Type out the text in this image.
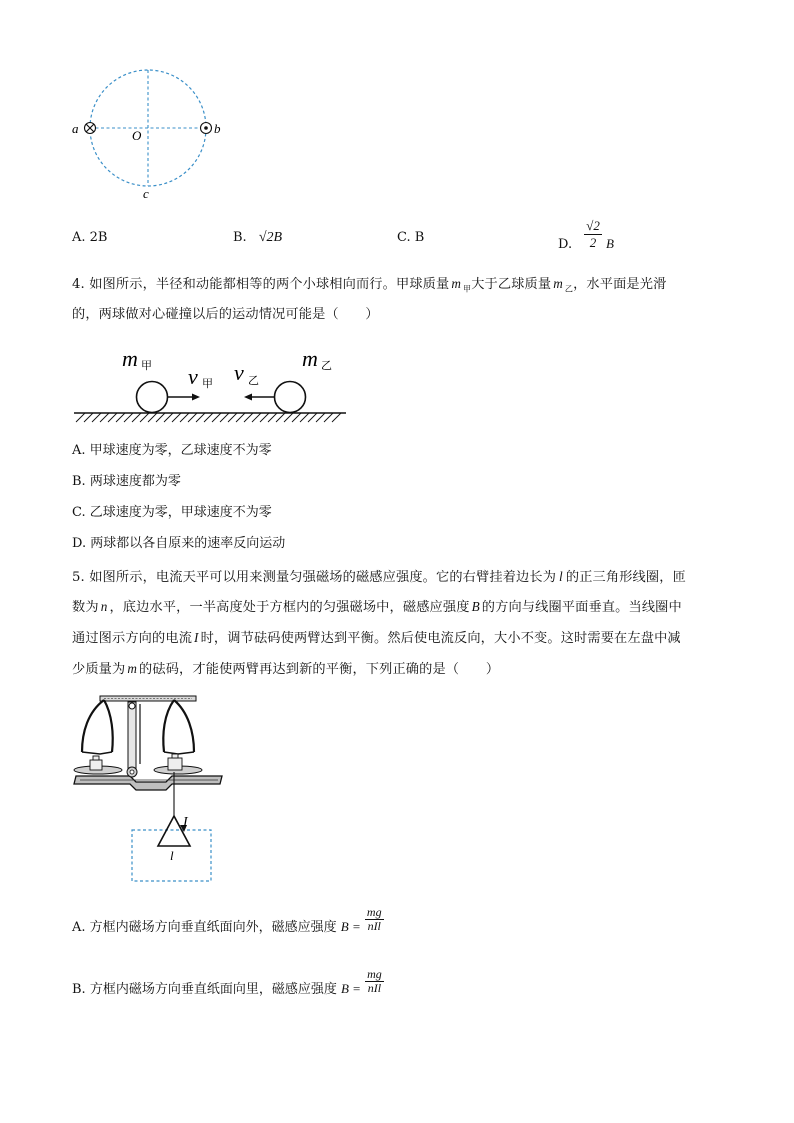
a	b
O
c
A. 2B	B. √2B	C. B	D. $\frac{√2}{2}$ B
4. 如图所示，半径和动能都相等的两个小球相向而行。甲球质量 m $_甲$大于乙球质量 m $_乙$，水平面是光滑
的，两球做对心碰撞以后的运动情况可能是（　　）
m 甲 v 甲 v 乙
m 乙
A. 甲球速度为零，乙球速度不为零
B. 两球速度都为零
C. 乙球速度为零，甲球速度不为零
D. 两球都以各自原来的速率反向运动
5. 如图所示，电流天平可以用来测量匀强磁场的磁感应强度。它的右臂挂着边长为 l 的正三角形线圈，匝
数为 n ，底边水平，一半高度处于方框内的匀强磁场中，磁感应强度 B 的方向与线圈平面垂直。当线圈中
通过图示方向的电流 I 时，调节砝码使两臂达到平衡。然后使电流反向，大小不变。这时需要在左盘中减
少质量为 m 的砝码，才能使两臂再达到新的平衡，下列正确的是（　　）
I
l
A. 方框内磁场方向垂直纸面向外，磁感应强度 $B = \frac{mg}{\text{nIl}}$
B. 方框内磁场方向垂直纸面向里，磁感应强度 $B = \frac{mg}{\text{nIl}}$
